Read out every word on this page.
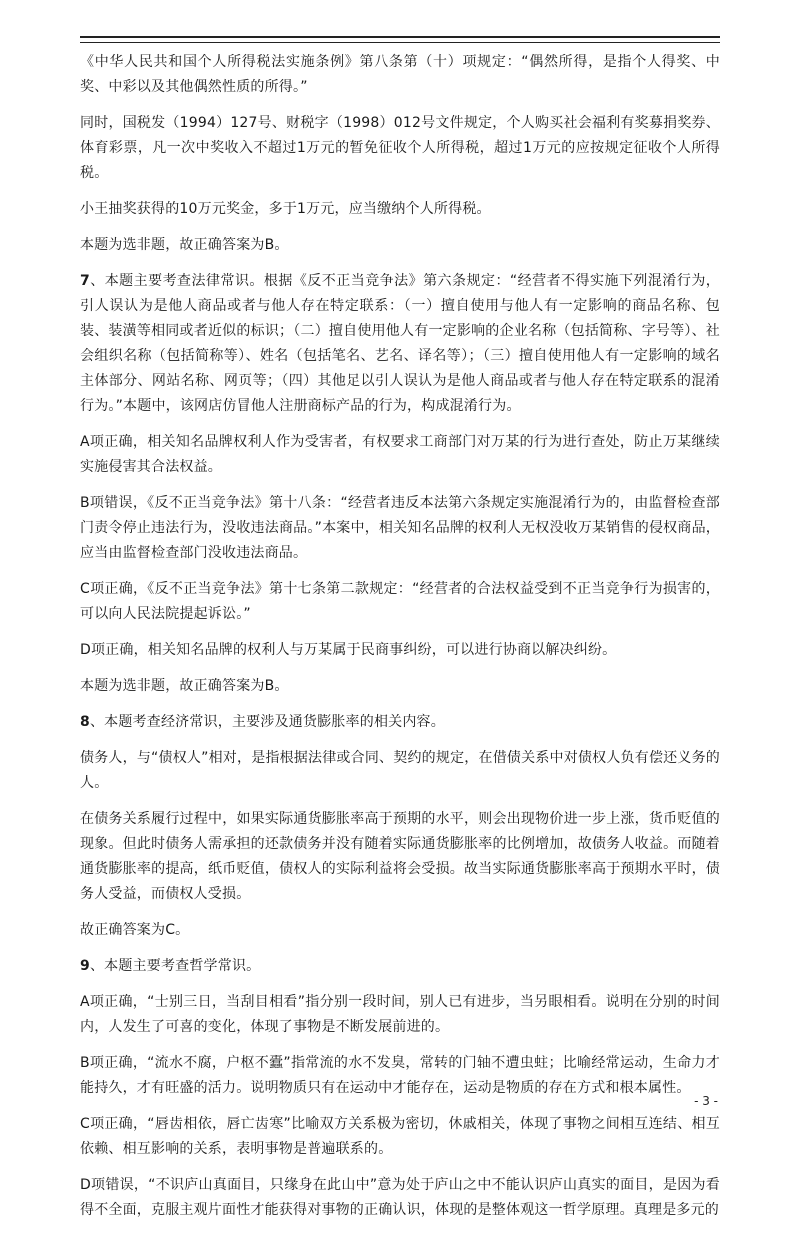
《中华人民共和国个人所得税法实施条例》第八条第（十）项规定：“偶然所得，是指个人得奖、中奖、中彩以及其他偶然性质的所得。”

同时，国税发（1994）127号、财税字（1998）012号文件规定，个人购买社会福利有奖募捐奖券、体育彩票，凡一次中奖收入不超过1万元的暂免征收个人所得税，超过1万元的应按规定征收个人所得税。

小王抽奖获得的10万元奖金，多于1万元，应当缴纳个人所得税。

本题为选非题，故正确答案为B。

7、本题主要考查法律常识。根据《反不正当竞争法》第六条规定：“经营者不得实施下列混淆行为，引人误认为是他人商品或者与他人存在特定联系：（一）擅自使用与他人有一定影响的商品名称、包装、装潢等相同或者近似的标识；（二）擅自使用他人有一定影响的企业名称（包括简称、字号等）、社会组织名称（包括简称等）、姓名（包括笔名、艺名、译名等）；（三）擅自使用他人有一定影响的域名主体部分、网站名称、网页等；（四）其他足以引人误认为是他人商品或者与他人存在特定联系的混淆行为。”本题中，该网店仿冒他人注册商标产品的行为，构成混淆行为。

A项正确，相关知名品牌权利人作为受害者，有权要求工商部门对万某的行为进行查处，防止万某继续实施侵害其合法权益。

B项错误，《反不正当竞争法》第十八条：“经营者违反本法第六条规定实施混淆行为的，由监督检查部门责令停止违法行为，没收违法商品。”本案中，相关知名品牌的权利人无权没收万某销售的侵权商品，应当由监督检查部门没收违法商品。

C项正确，《反不正当竞争法》第十七条第二款规定：“经营者的合法权益受到不正当竞争行为损害的，可以向人民法院提起诉讼。”

D项正确，相关知名品牌的权利人与万某属于民商事纠纷，可以进行协商以解决纠纷。

本题为选非题，故正确答案为B。

8、本题考查经济常识，主要涉及通货膨胀率的相关内容。

债务人，与“债权人”相对，是指根据法律或合同、契约的规定，在借债关系中对债权人负有偿还义务的人。

在债务关系履行过程中，如果实际通货膨胀率高于预期的水平，则会出现物价进一步上涨，货币贬值的现象。但此时债务人需承担的还款债务并没有随着实际通货膨胀率的比例增加，故债务人收益。而随着通货膨胀率的提高，纸币贬值，债权人的实际利益将会受损。故当实际通货膨胀率高于预期水平时，债务人受益，而债权人受损。

故正确答案为C。

9、本题主要考查哲学常识。

A项正确，“士别三日，当刮目相看”指分别一段时间，别人已有进步，当另眼相看。说明在分别的时间内，人发生了可喜的变化，体现了事物是不断发展前进的。

B项正确，“流水不腐，户枢不蠹”指常流的水不发臭，常转的门轴不遭虫蛀；比喻经常运动，生命力才能持久，才有旺盛的活力。说明物质只有在运动中才能存在，运动是物质的存在方式和根本属性。

C项正确，“唇齿相依，唇亡齿寒”比喻双方关系极为密切，休戚相关，体现了事物之间相互连结、相互依赖、相互影响的关系，表明事物是普遍联系的。

D项错误，“不识庐山真面目，只缘身在此山中”意为处于庐山之中不能认识庐山真实的面目，是因为看得不全面，克服主观片面性才能获得对事物的正确认识，体现的是整体观这一哲学原理。真理是多元的

- 3 -
